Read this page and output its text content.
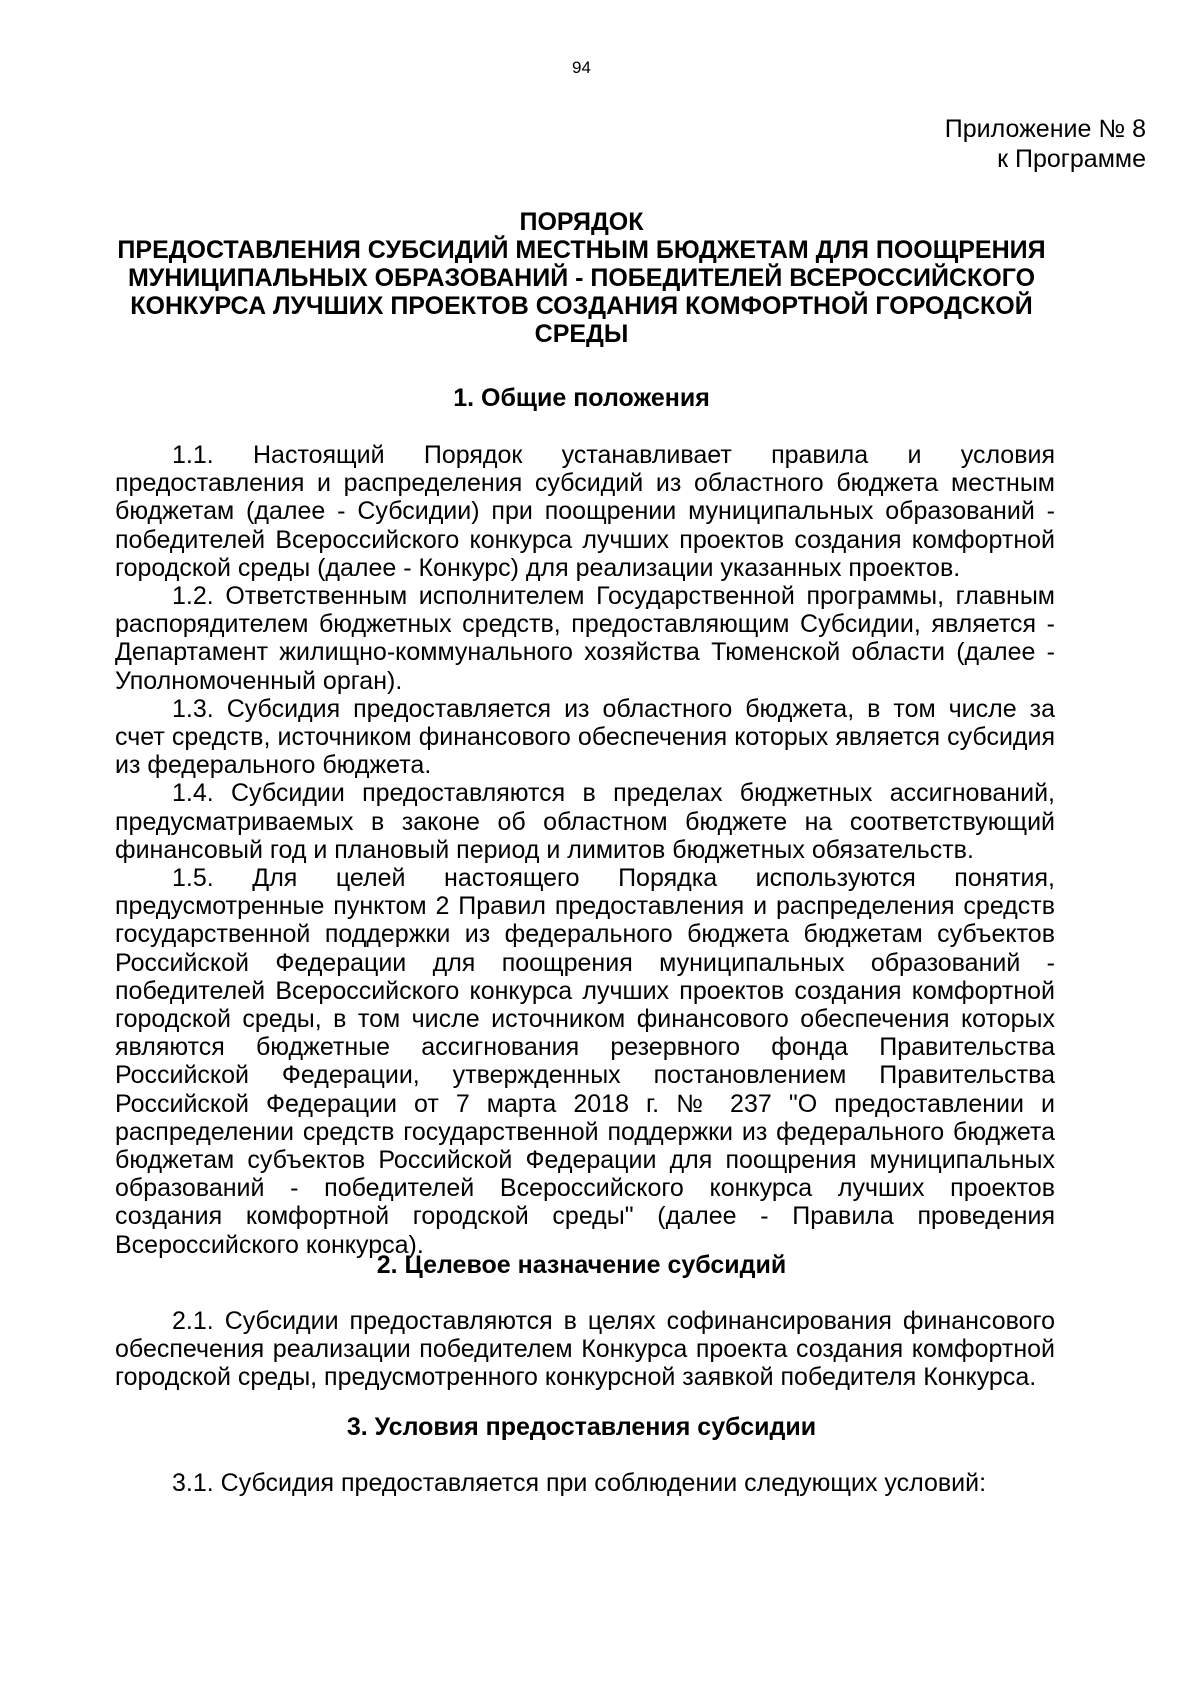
94
Приложение № 8
к Программе
ПОРЯДОК
ПРЕДОСТАВЛЕНИЯ СУБСИДИЙ МЕСТНЫМ БЮДЖЕТАМ ДЛЯ ПООЩРЕНИЯ
МУНИЦИПАЛЬНЫХ ОБРАЗОВАНИЙ - ПОБЕДИТЕЛЕЙ ВСЕРОССИЙСКОГО
КОНКУРСА ЛУЧШИХ ПРОЕКТОВ СОЗДАНИЯ КОМФОРТНОЙ ГОРОДСКОЙ
СРЕДЫ
1. Общие положения

1.1. Настоящий Порядок устанавливает правила и условия предоставления и распределения субсидий из областного бюджета местным бюджетам (далее - Субсидии) при поощрении муниципальных образований - победителей Всероссийского конкурса лучших проектов создания комфортной городской среды (далее - Конкурс) для реализации указанных проектов.

1.2. Ответственным исполнителем Государственной программы, главным распорядителем бюджетных средств, предоставляющим Субсидии, является - Департамент жилищно-коммунального хозяйства Тюменской области (далее - Уполномоченный орган).

1.3. Субсидия предоставляется из областного бюджета, в том числе за счет средств, источником финансового обеспечения которых является субсидия из федерального бюджета.

1.4. Субсидии предоставляются в пределах бюджетных ассигнований, предусматриваемых в законе об областном бюджете на соответствующий финансовый год и плановый период и лимитов бюджетных обязательств.

1.5. Для целей настоящего Порядка используются понятия, предусмотренные пунктом 2 Правил предоставления и распределения средств государственной поддержки из федерального бюджета бюджетам субъектов Российской Федерации для поощрения муниципальных образований - победителей Всероссийского конкурса лучших проектов создания комфортной городской среды, в том числе источником финансового обеспечения которых являются бюджетные ассигнования резервного фонда Правительства Российской Федерации, утвержденных постановлением Правительства Российской Федерации от 7 марта 2018 г. № 237 "О предоставлении и распределении средств государственной поддержки из федерального бюджета бюджетам субъектов Российской Федерации для поощрения муниципальных образований - победителей Всероссийского конкурса лучших проектов создания комфортной городской среды" (далее - Правила проведения Всероссийского конкурса).

2. Целевое назначение субсидий

2.1. Субсидии предоставляются в целях софинансирования финансового обеспечения реализации победителем Конкурса проекта создания комфортной городской среды, предусмотренного конкурсной заявкой победителя Конкурса.

3. Условия предоставления субсидии

3.1. Субсидия предоставляется при соблюдении следующих условий:
